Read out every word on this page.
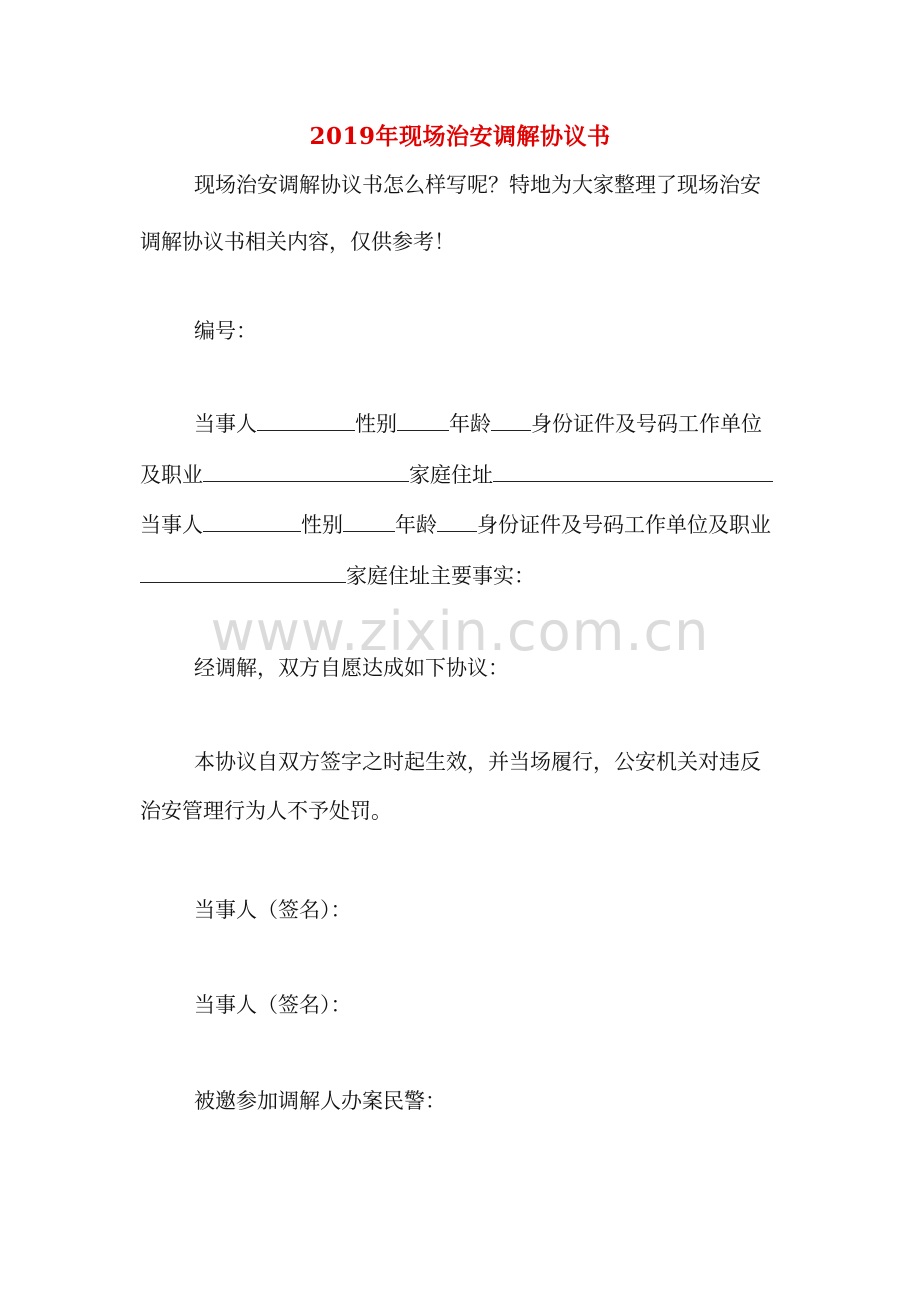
2019年现场治安调解协议书
现场治安调解协议书怎么样写呢？特地为大家整理了现场治安
调解协议书相关内容，仅供参考！
编号：
当事人	性别 年龄 身份证件及号码工作单位
及职业	家庭住址
当事人	性别 年龄 身份证件及号码工作单位及职业
家庭住址主要事实：
www.zixin.com.cn
经调解，双方自愿达成如下协议：
本协议自双方签字之时起生效，并当场履行，公安机关对违反
治安管理行为人不予处罚。
当事人（签名）：
当事人（签名）：
被邀参加调解人办案民警：
